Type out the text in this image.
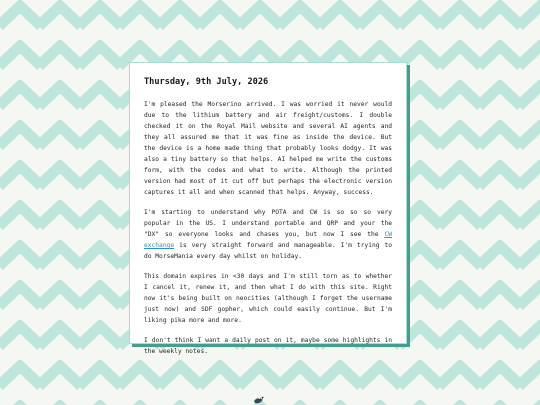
Thursday, 9th July, 2026

I'm pleased the Morserino arrived. I was worried it never would due to the lithium battery and air freight/customs. I double checked it on the Royal Mail website and several AI agents and they all assured me that it was fine as inside the device. But the device is a home made thing that probably looks dodgy. It was also a tiny battery so that helps. AI helped me write the customs form, with the codes and what to write. Although the printed version had most of it cut off but perhaps the electronic version captures it all and when scanned that helps. Anyway, success.

I'm starting to understand why POTA and CW is so so so very popular in the US. I understand portable and QRP and your the "DX" so everyone looks and chases you, but now I see the CW exchange is very straight forward and manageable. I'm trying to do MorseMania every day whilst on holiday.

This domain expires in <30 days and I'm still torn as to whether I cancel it, renew it, and then what I do with this site. Right now it's being built on neocities (although I forget the username just now) and SDF gopher, which could easily continue. But I'm liking pika more and more.

I don't think I want a daily post on it, maybe some highlights in the weekly notes.
